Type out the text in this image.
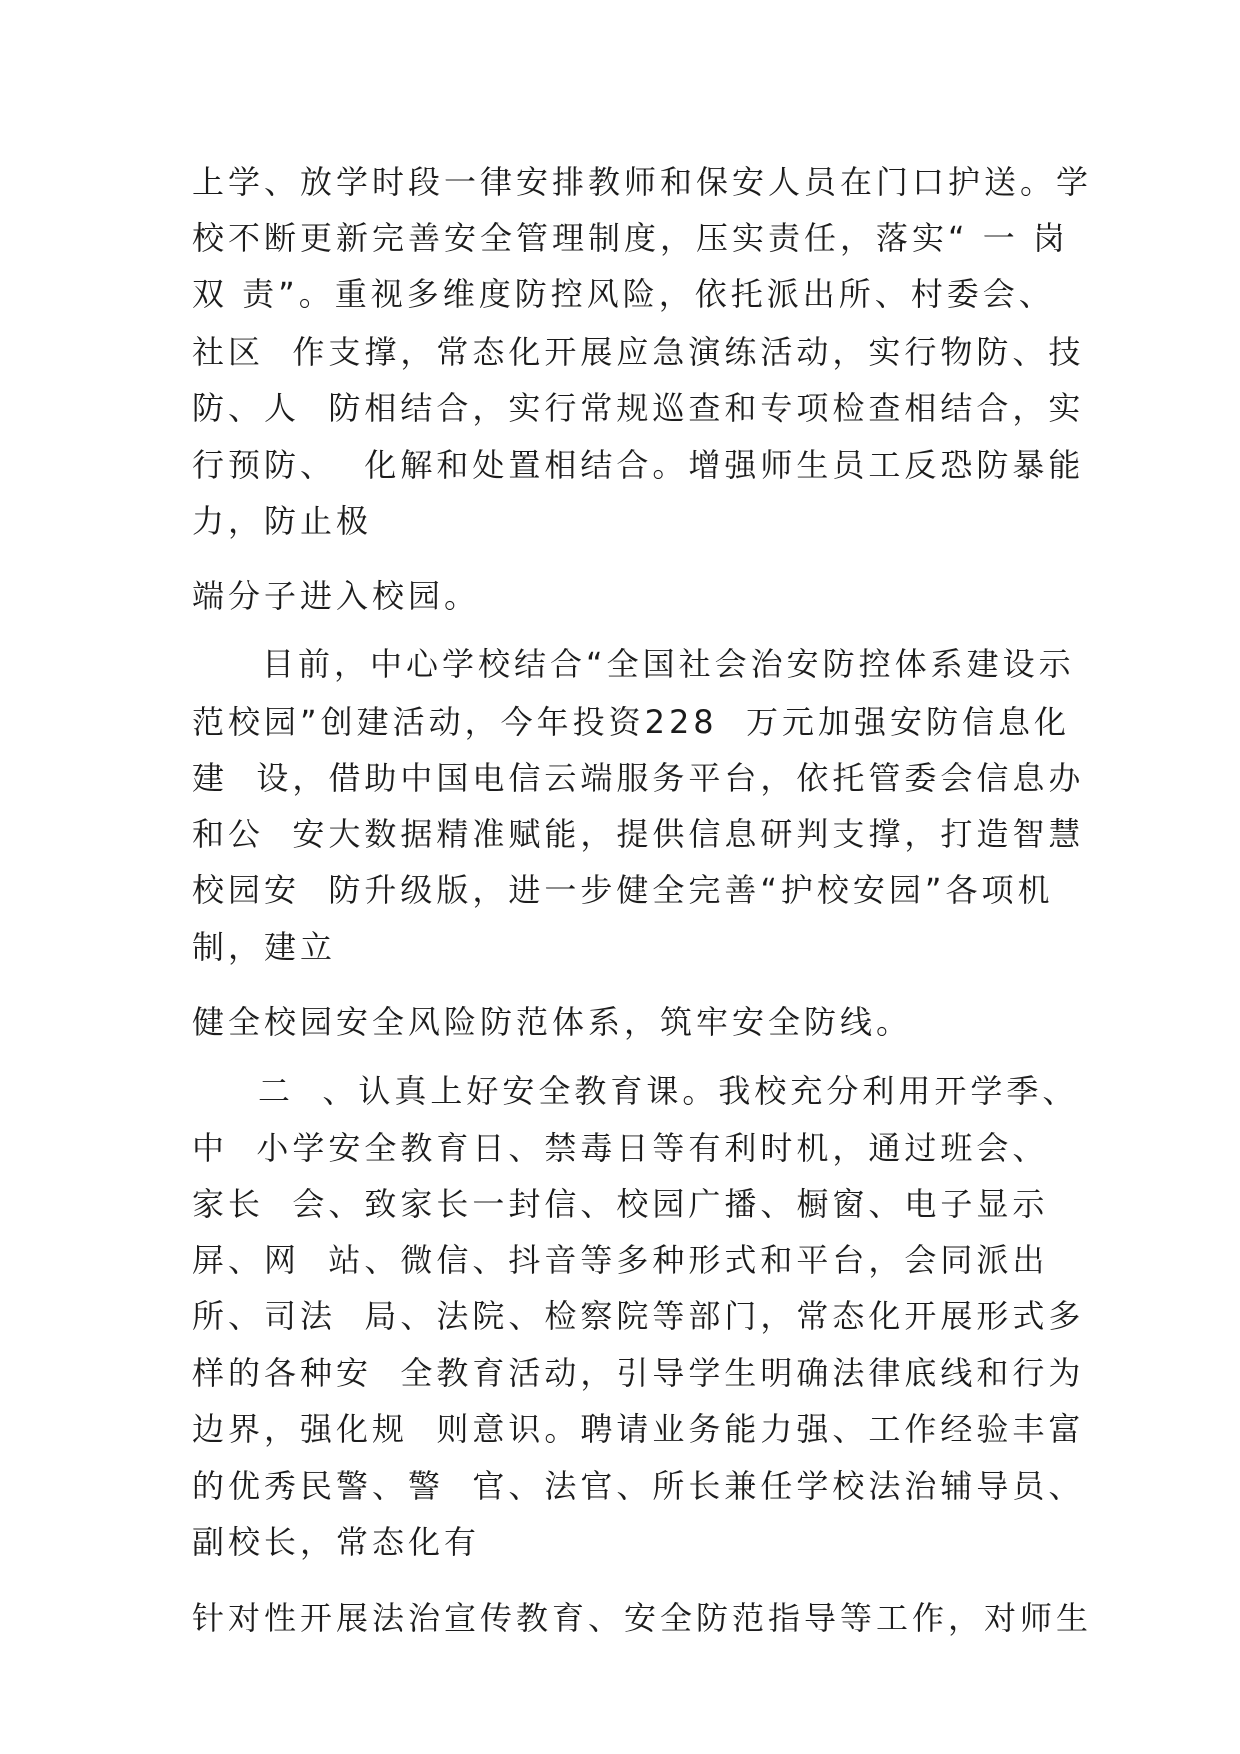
上学、放学时段一律安排教师和保安人员在门口护送。学
校不断更新完善安全管理制度，压实责任，落实“ 一 岗
双 责”。重视多维度防控风险，依托派出所、村委会、
社区  作支撑，常态化开展应急演练活动，实行物防、技
防、人  防相结合，实行常规巡查和专项检查相结合，实
行预防、  化解和处置相结合。增强师生员工反恐防暴能
力，防止极
端分子进入校园。
目前，中心学校结合“全国社会治安防控体系建设示
范校园”创建活动，今年投资228  万元加强安防信息化
建  设，借助中国电信云端服务平台，依托管委会信息办
和公  安大数据精准赋能，提供信息研判支撑，打造智慧
校园安  防升级版，进一步健全完善“护校安园”各项机
制，建立
健全校园安全风险防范体系，筑牢安全防线。
二  、认真上好安全教育课。我校充分利用开学季、
中  小学安全教育日、禁毒日等有利时机，通过班会、
家长  会、致家长一封信、校园广播、橱窗、电子显示
屏、网  站、微信、抖音等多种形式和平台，会同派出
所、司法  局、法院、检察院等部门，常态化开展形式多
样的各种安  全教育活动，引导学生明确法律底线和行为
边界，强化规  则意识。聘请业务能力强、工作经验丰富
的优秀民警、警  官、法官、所长兼任学校法治辅导员、
副校长，常态化有
针对性开展法治宣传教育、安全防范指导等工作，对师生
